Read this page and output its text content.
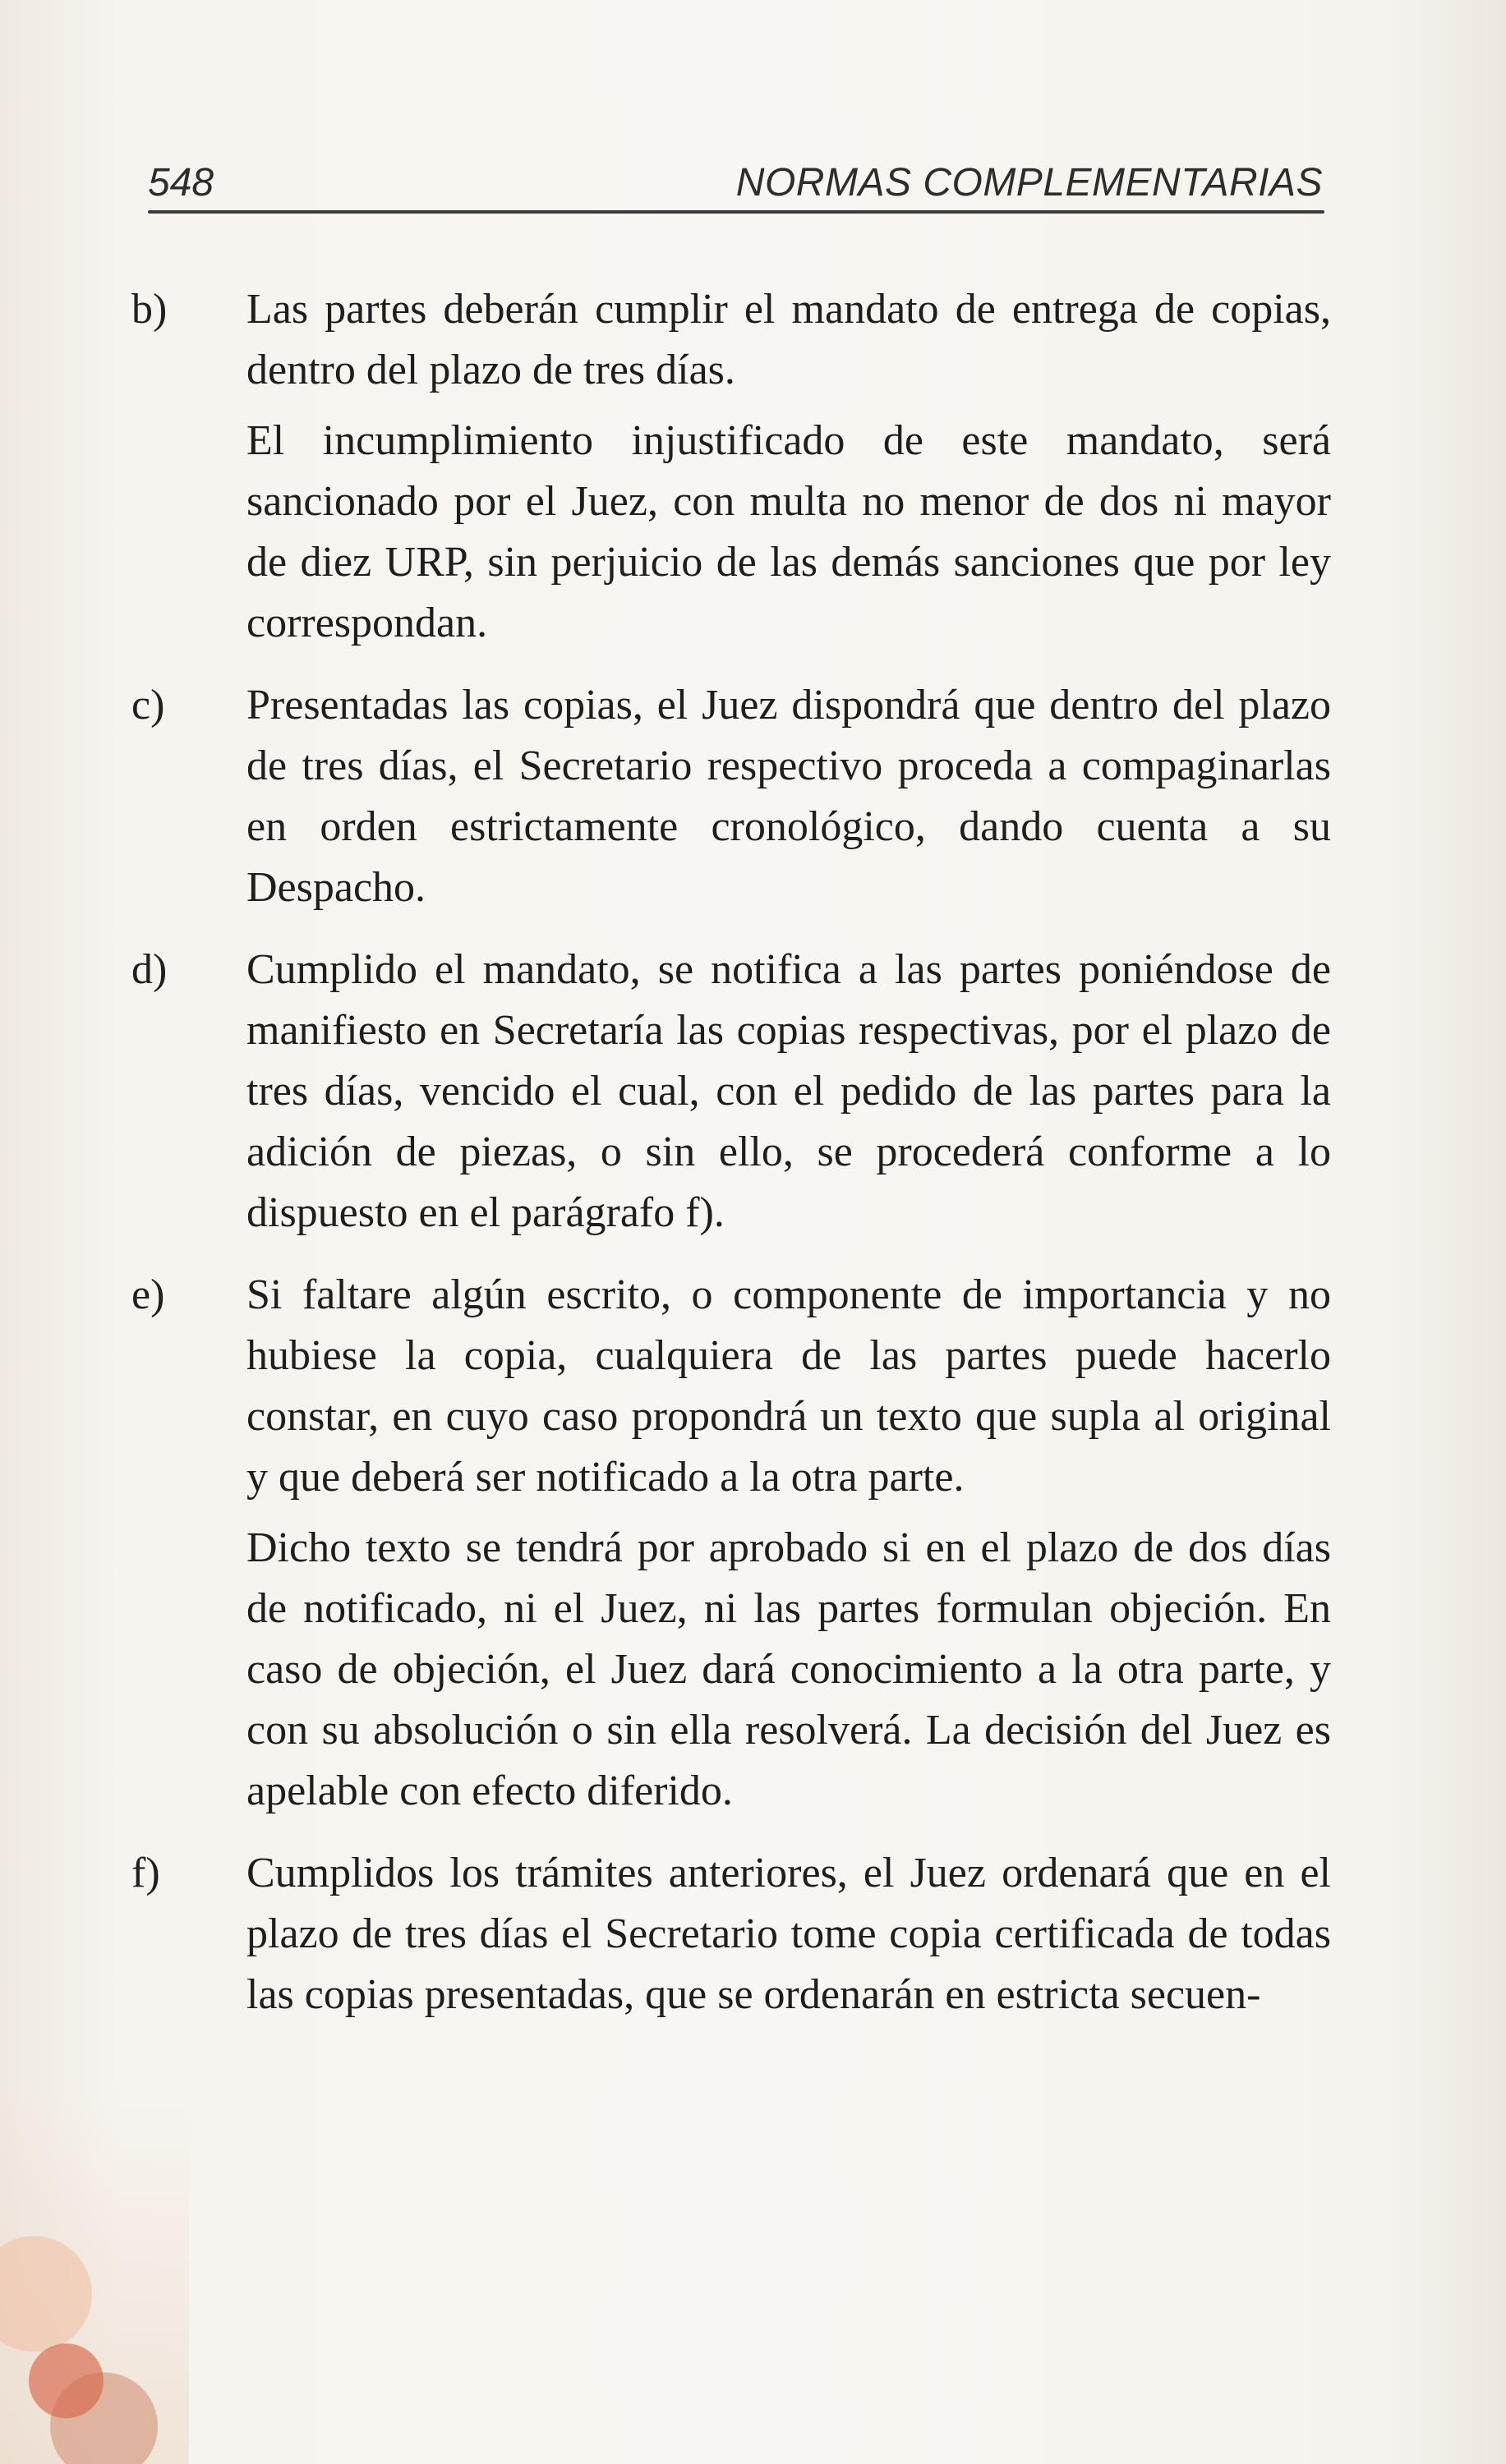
548	NORMAS COMPLEMENTARIAS
b)	Las partes deberán cumplir el mandato de entrega de copias, dentro del plazo de tres días.

El incumplimiento injustificado de este mandato, será sancionado por el Juez, con multa no menor de dos ni mayor de diez URP, sin perjuicio de las demás sanciones que por ley correspondan.

c)	Presentadas las copias, el Juez dispondrá que dentro del plazo de tres días, el Secretario respectivo proceda a compaginarlas en orden estrictamente cronológico, dando cuenta a su Despacho.

d)	Cumplido el mandato, se notifica a las partes poniéndose de manifiesto en Secretaría las copias respectivas, por el plazo de tres días, vencido el cual, con el pedido de las partes para la adición de piezas, o sin ello, se procederá conforme a lo dispuesto en el parágrafo f).

e)	Si faltare algún escrito, o componente de importancia y no hubiese la copia, cualquiera de las partes puede hacerlo constar, en cuyo caso propondrá un texto que supla al original y que deberá ser notificado a la otra parte.

Dicho texto se tendrá por aprobado si en el plazo de dos días de notificado, ni el Juez, ni las partes formulan objeción. En caso de objeción, el Juez dará conocimiento a la otra parte, y con su absolución o sin ella resolverá. La decisión del Juez es apelable con efecto diferido.

f)	Cumplidos los trámites anteriores, el Juez ordenará que en el plazo de tres días el Secretario tome copia certificada de todas las copias presentadas, que se ordenarán en estricta secuen-
